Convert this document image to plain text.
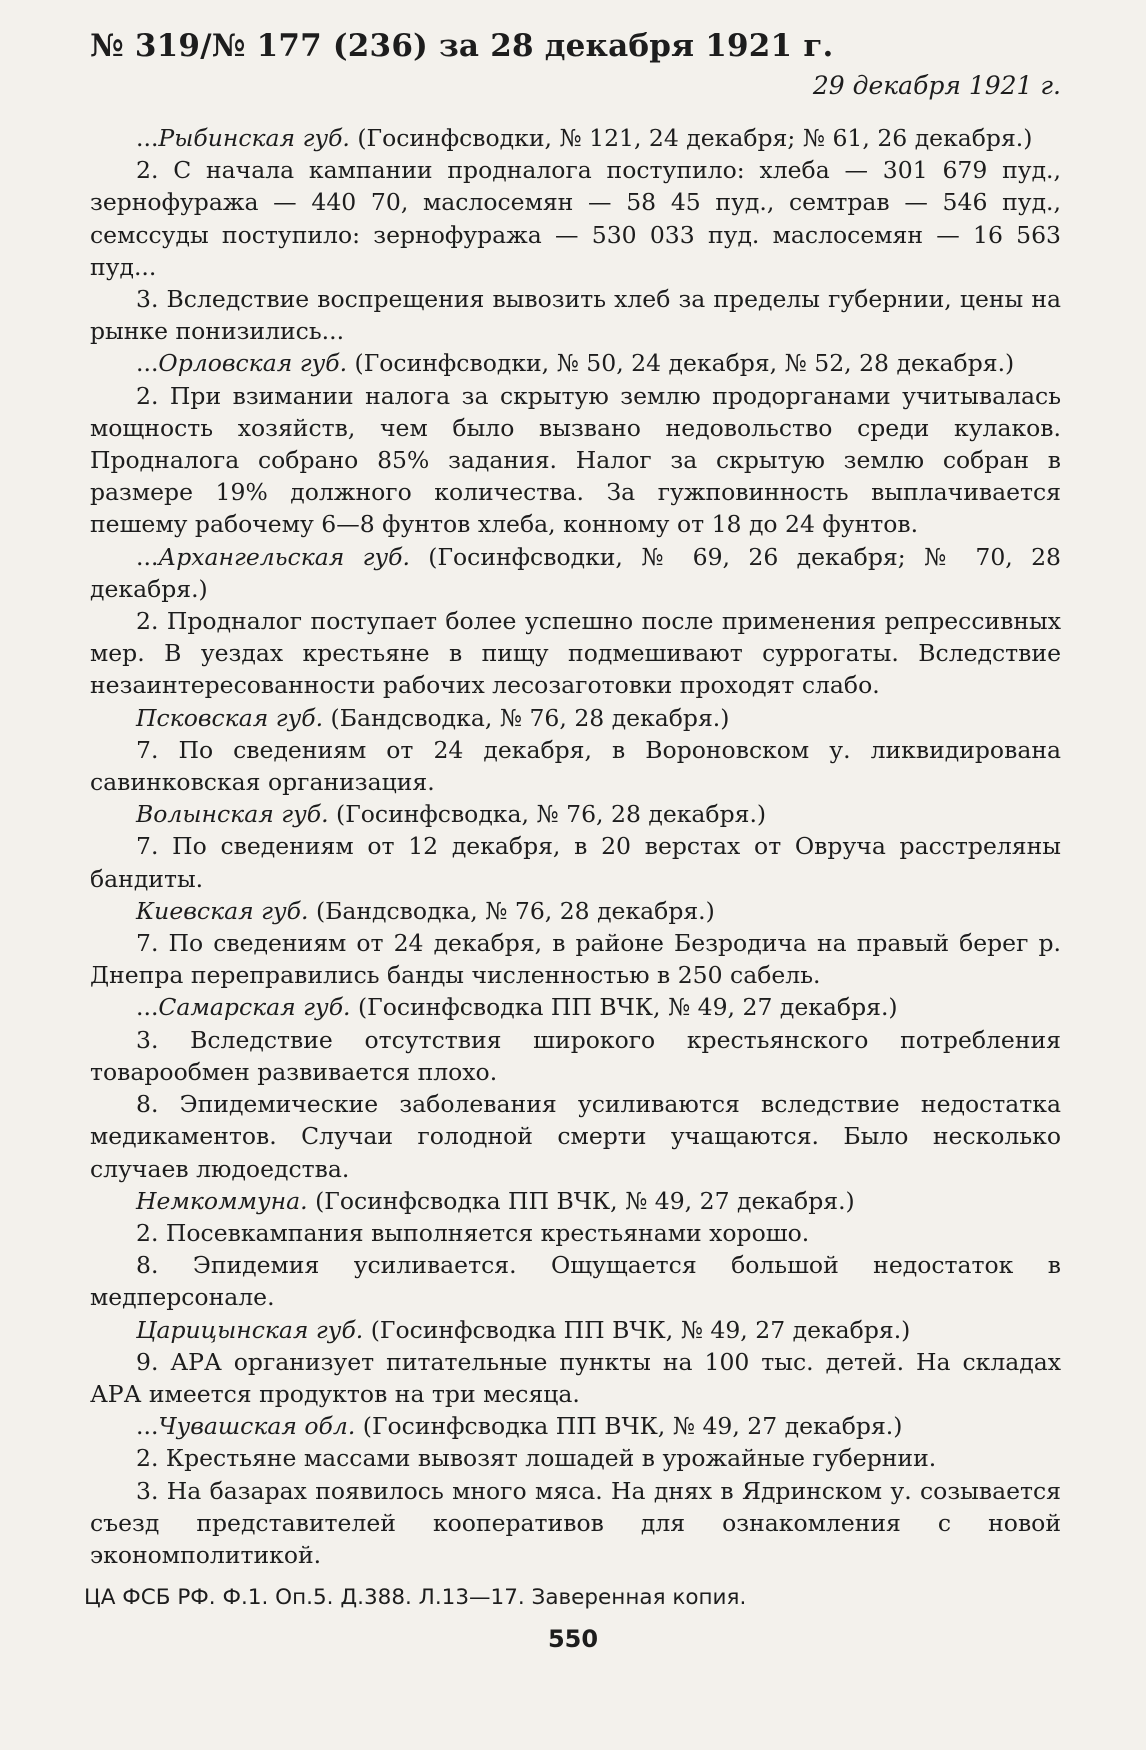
№ 319/№ 177 (236) за 28 декабря 1921 г.

29 декабря 1921 г.

...Рыбинская губ. (Госинфсводки, № 121, 24 декабря; № 61, 26 декабря.)

2. С начала кампании продналога поступило: хлеба — 301 679 пуд., зернофуража — 440 70, маслосемян — 58 45 пуд., семтрав — 546 пуд., семссуды поступило: зернофуража — 530 033 пуд. маслосемян — 16 563 пуд...

3. Вследствие воспрещения вывозить хлеб за пределы губернии, цены на рынке понизились...

...Орловская губ. (Госинфсводки, № 50, 24 декабря, № 52, 28 декабря.)

2. При взимании налога за скрытую землю продорганами учитывалась мощность хозяйств, чем было вызвано недовольство среди кулаков. Продналога собрано 85% задания. Налог за скрытую землю собран в размере 19% должного количества. За гужповинность выплачивается пешему рабочему 6—8 фунтов хлеба, конному от 18 до 24 фунтов.

...Архангельская губ. (Госинфсводки, № 69, 26 декабря; № 70, 28 декабря.)

2. Продналог поступает более успешно после применения репрессивных мер. В уездах крестьяне в пищу подмешивают суррогаты. Вследствие незаинтересованности рабочих лесозаготовки проходят слабо.

Псковская губ. (Бандсводка, № 76, 28 декабря.)

7. По сведениям от 24 декабря, в Вороновском у. ликвидирована савинковская организация.

Волынская губ. (Госинфсводка, № 76, 28 декабря.)

7. По сведениям от 12 декабря, в 20 верстах от Овруча расстреляны бандиты.

Киевская губ. (Бандсводка, № 76, 28 декабря.)

7. По сведениям от 24 декабря, в районе Безродича на правый берег р. Днепра переправились банды численностью в 250 сабель.

...Самарская губ. (Госинфсводка ПП ВЧК, № 49, 27 декабря.)

3. Вследствие отсутствия широкого крестьянского потребления товарообмен развивается плохо.

8. Эпидемические заболевания усиливаются вследствие недостатка медикаментов. Случаи голодной смерти учащаются. Было несколько случаев людоедства.

Немкоммуна. (Госинфсводка ПП ВЧК, № 49, 27 декабря.)

2. Посевкампания выполняется крестьянами хорошо.

8. Эпидемия усиливается. Ощущается большой недостаток в медперсонале.

Царицынская губ. (Госинфсводка ПП ВЧК, № 49, 27 декабря.)

9. АРА организует питательные пункты на 100 тыс. детей. На складах АРА имеется продуктов на три месяца.

...Чувашская обл. (Госинфсводка ПП ВЧК, № 49, 27 декабря.)

2. Крестьяне массами вывозят лошадей в урожайные губернии.

3. На базарах появилось много мяса. На днях в Ядринском у. созывается съезд представителей кооперативов для ознакомления с новой экономполитикой.

ЦА ФСБ РФ. Ф.1. Оп.5. Д.388. Л.13—17. Заверенная копия.

550
